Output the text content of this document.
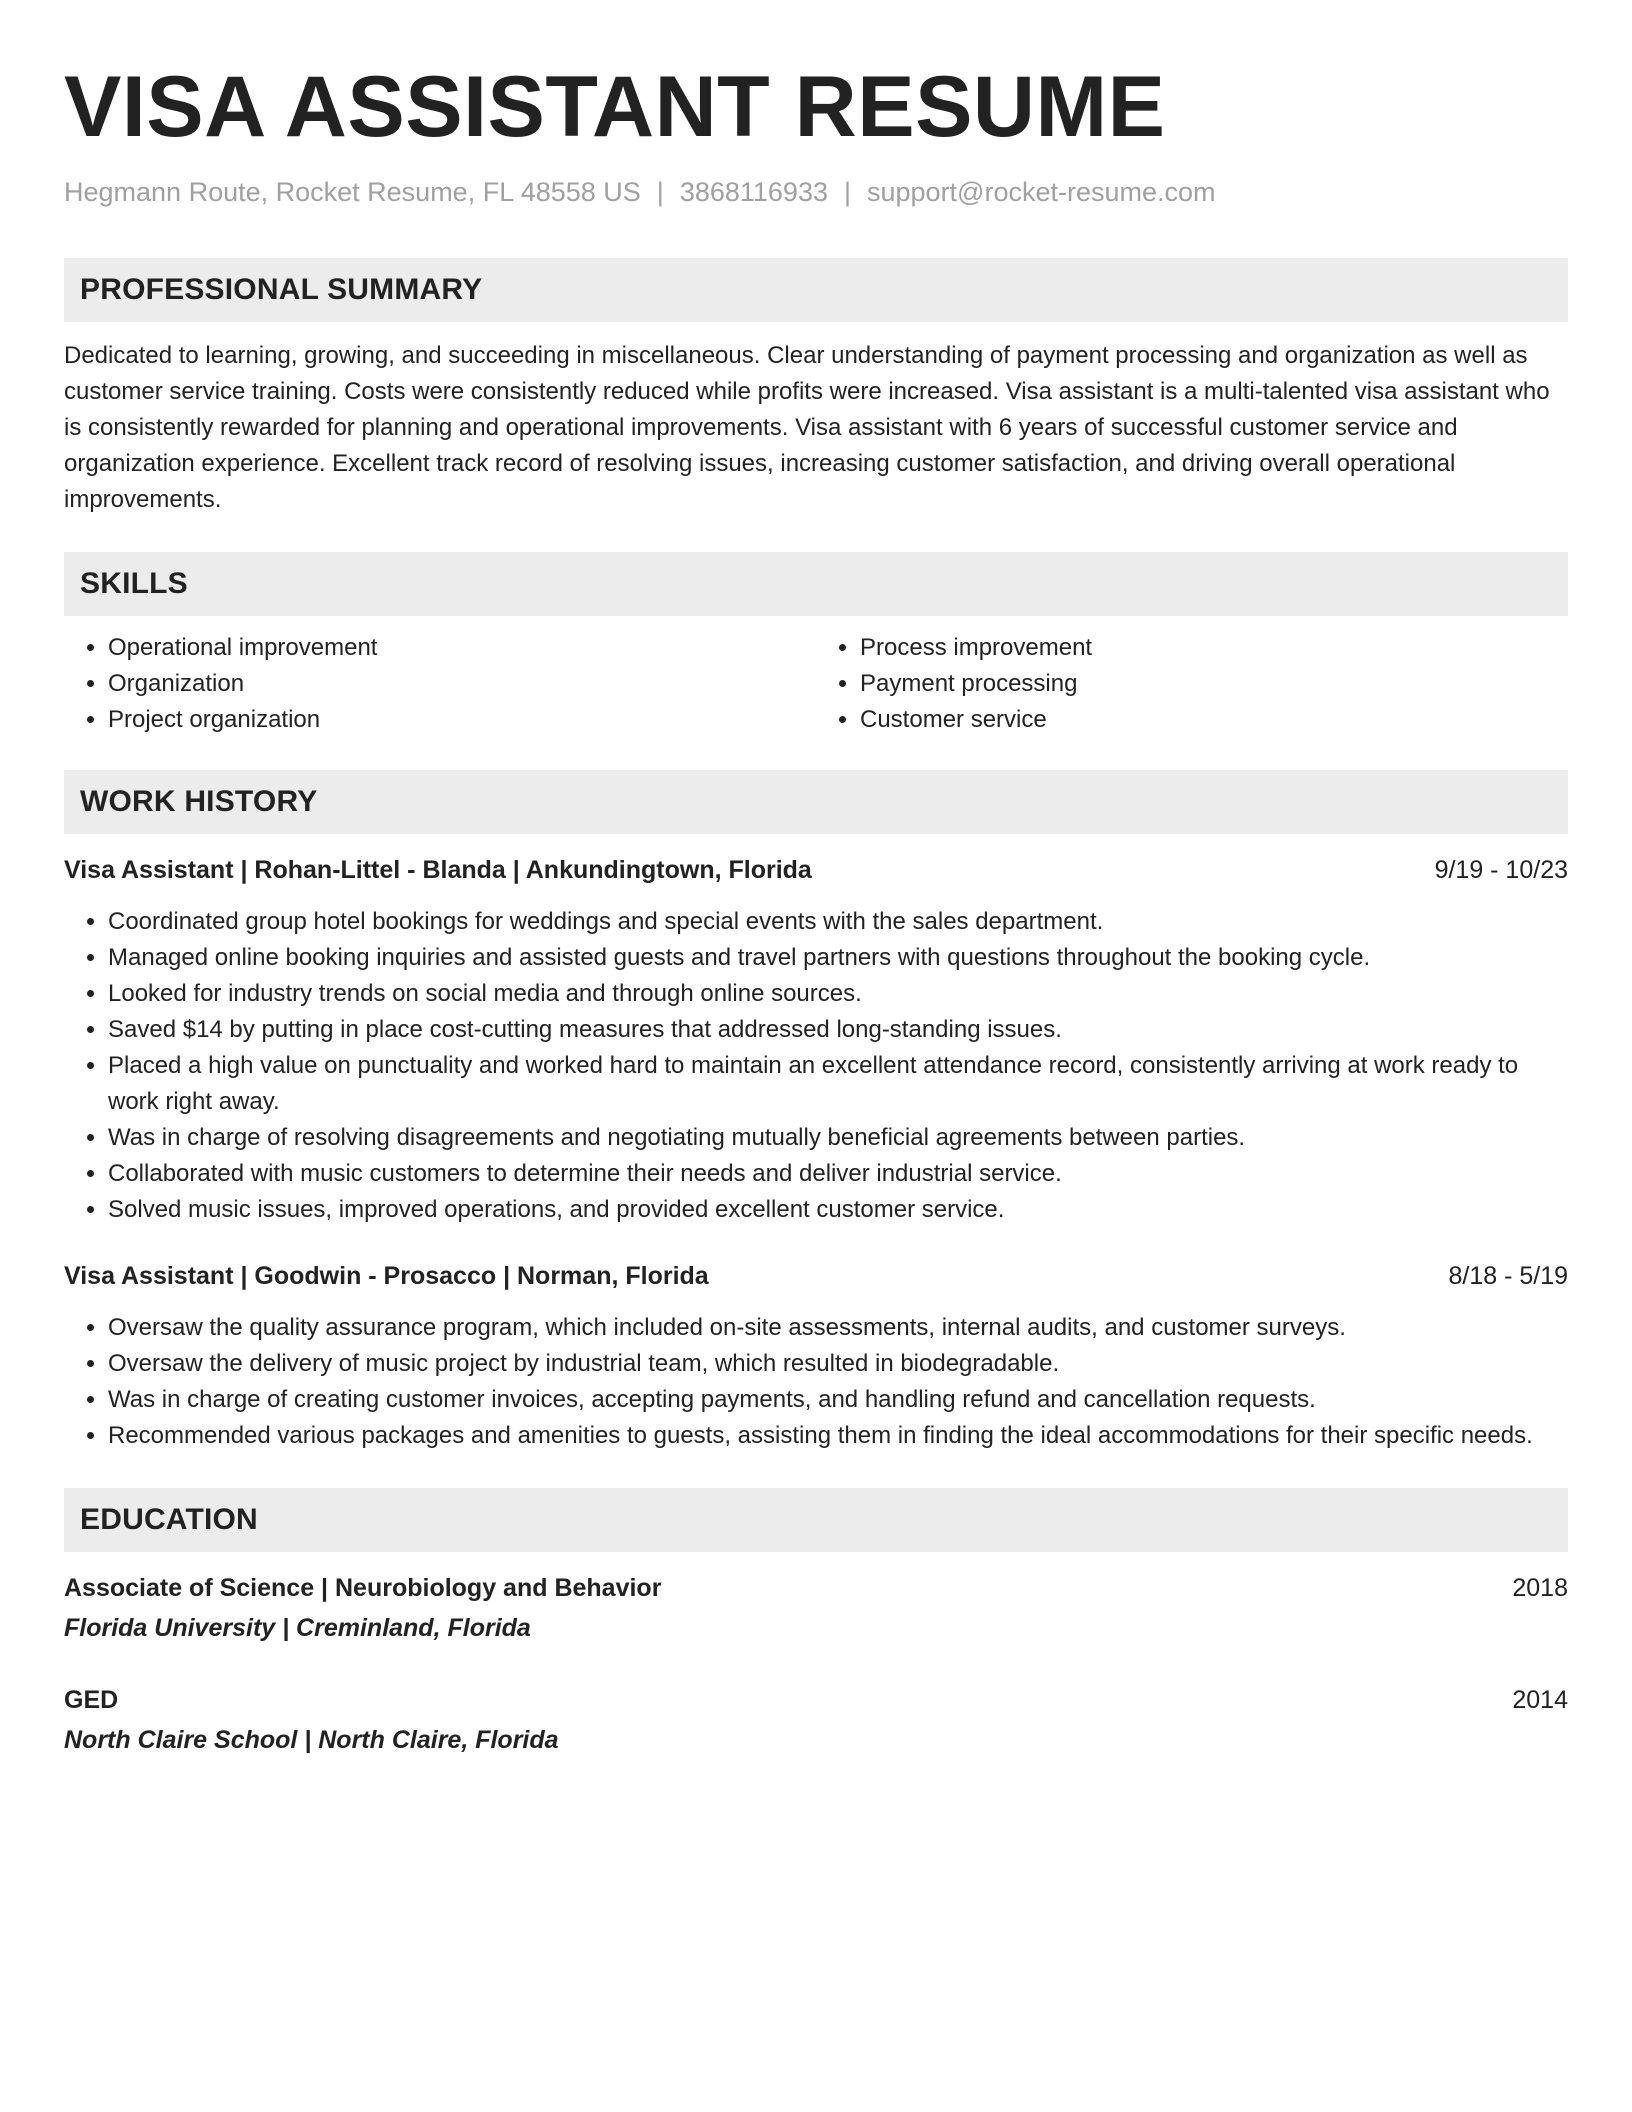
VISA ASSISTANT RESUME
Hegmann Route, Rocket Resume, FL 48558 US | 3868116933 | support@rocket-resume.com
PROFESSIONAL SUMMARY
Dedicated to learning, growing, and succeeding in miscellaneous. Clear understanding of payment processing and organization as well as customer service training. Costs were consistently reduced while profits were increased. Visa assistant is a multi-talented visa assistant who is consistently rewarded for planning and operational improvements. Visa assistant with 6 years of successful customer service and organization experience. Excellent track record of resolving issues, increasing customer satisfaction, and driving overall operational improvements.
SKILLS
• Operational improvement
• Organization
• Project organization
• Process improvement
• Payment processing
• Customer service
WORK HISTORY
Visa Assistant | Rohan-Littel - Blanda | Ankundingtown, Florida	9/19 - 10/23
• Coordinated group hotel bookings for weddings and special events with the sales department.
• Managed online booking inquiries and assisted guests and travel partners with questions throughout the booking cycle.
• Looked for industry trends on social media and through online sources.
• Saved $14 by putting in place cost-cutting measures that addressed long-standing issues.
• Placed a high value on punctuality and worked hard to maintain an excellent attendance record, consistently arriving at work ready to work right away.
• Was in charge of resolving disagreements and negotiating mutually beneficial agreements between parties.
• Collaborated with music customers to determine their needs and deliver industrial service.
• Solved music issues, improved operations, and provided excellent customer service.
Visa Assistant | Goodwin - Prosacco | Norman, Florida	8/18 - 5/19
• Oversaw the quality assurance program, which included on-site assessments, internal audits, and customer surveys.
• Oversaw the delivery of music project by industrial team, which resulted in biodegradable.
• Was in charge of creating customer invoices, accepting payments, and handling refund and cancellation requests.
• Recommended various packages and amenities to guests, assisting them in finding the ideal accommodations for their specific needs.
EDUCATION
Associate of Science | Neurobiology and Behavior	2018
Florida University | Creminland, Florida
GED	2014
North Claire School | North Claire, Florida
